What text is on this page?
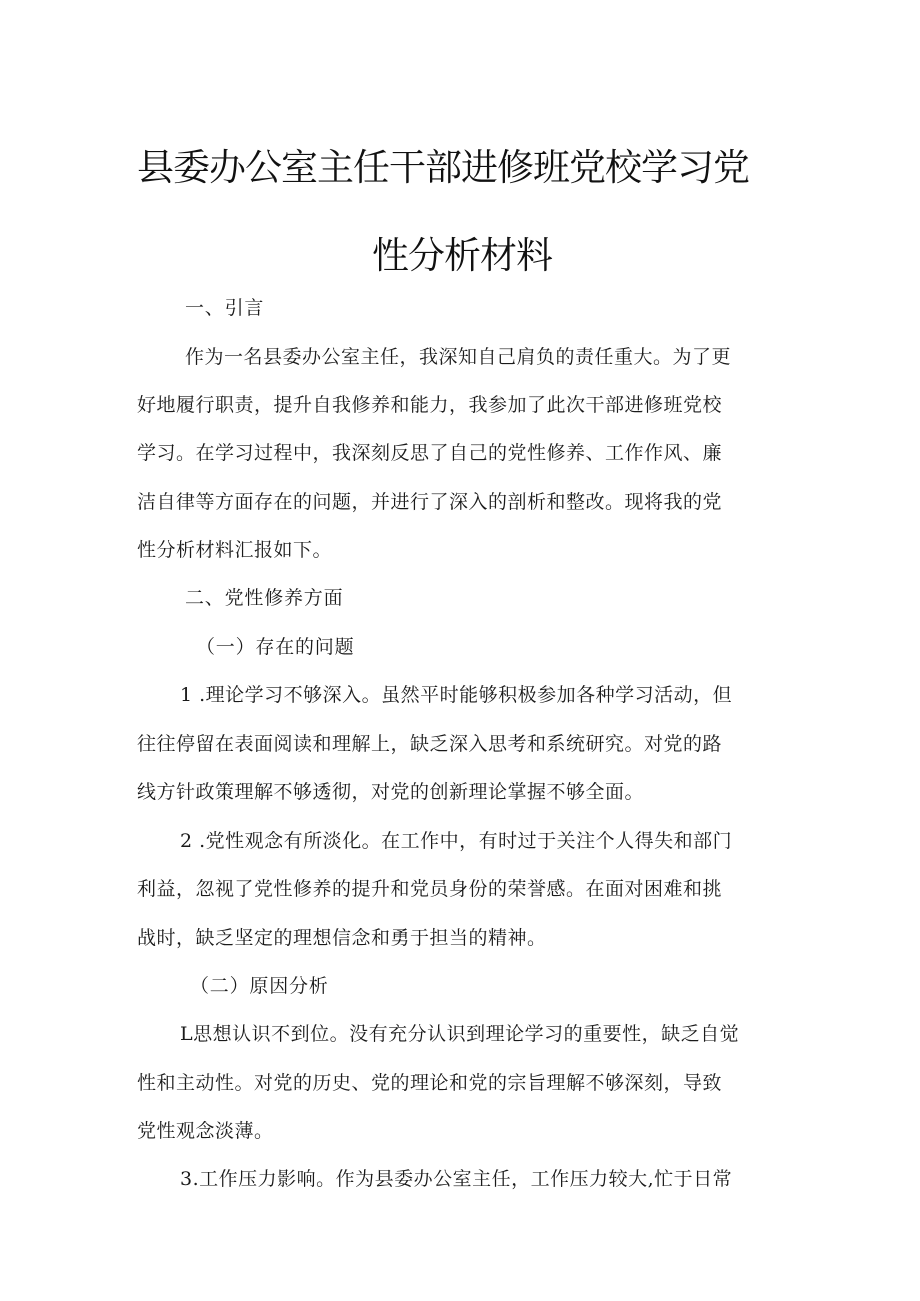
县委办公室主任干部进修班党校学习党
性分析材料
一、引言
作为一名县委办公室主任，我深知自己肩负的责任重大。为了更
好地履行职责，提升自我修养和能力，我参加了此次干部进修班党校
学习。在学习过程中，我深刻反思了自己的党性修养、工作作风、廉
洁自律等方面存在的问题，并进行了深入的剖析和整改。现将我的党
性分析材料汇报如下。
二、党性修养方面
（一）存在的问题
1 .理论学习不够深入。虽然平时能够积极参加各种学习活动，但
往往停留在表面阅读和理解上，缺乏深入思考和系统研究。对党的路
线方针政策理解不够透彻，对党的创新理论掌握不够全面。
2 .党性观念有所淡化。在工作中，有时过于关注个人得失和部门
利益，忽视了党性修养的提升和党员身份的荣誉感。在面对困难和挑
战时，缺乏坚定的理想信念和勇于担当的精神。
（二）原因分析
L思想认识不到位。没有充分认识到理论学习的重要性，缺乏自觉
性和主动性。对党的历史、党的理论和党的宗旨理解不够深刻，导致
党性观念淡薄。
3.工作压力影响。作为县委办公室主任，工作压力较大,忙于日常
